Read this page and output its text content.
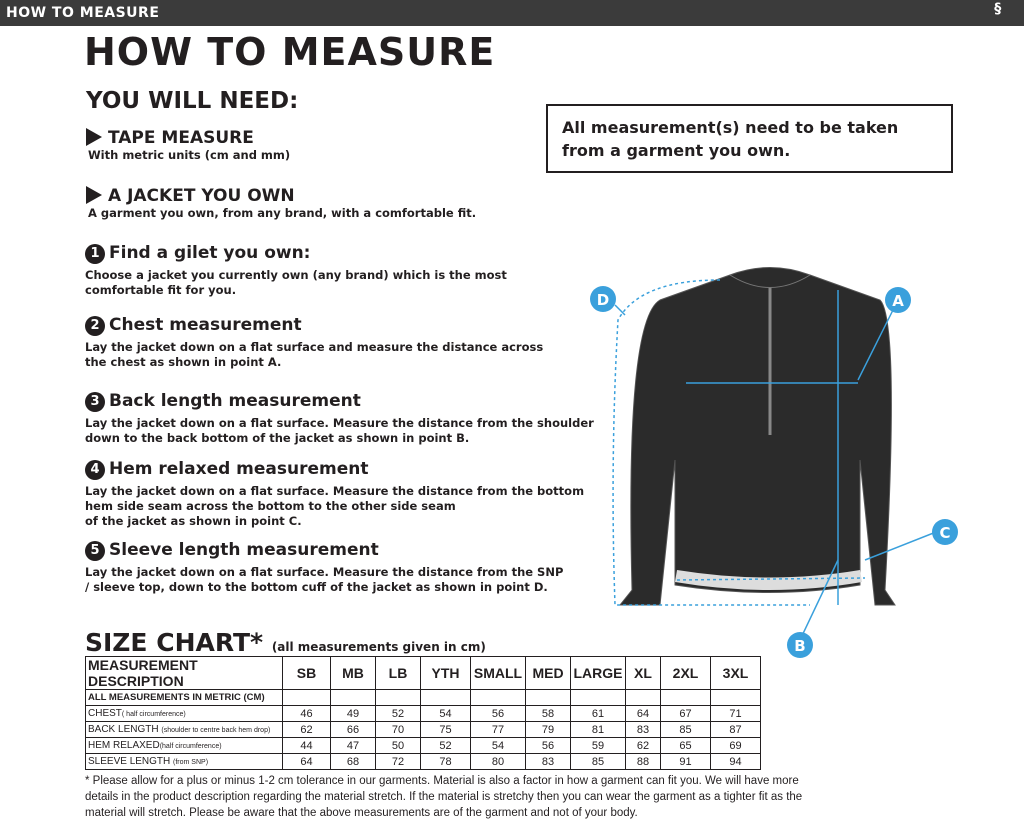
HOW TO MEASURE	§
SURRIDGE
HOW TO MEASURE
YOU WILL NEED:
TAPE MEASURE
With metric units (cm and mm)
A JACKET YOU OWN
A garment you own, from any brand, with a comfortable fit.
All measurement(s) need to be taken from a garment you own.
1 Find a gilet you own:
Choose a jacket you currently own (any brand) which is the most
comfortable fit for you.
2 Chest measurement
Lay the jacket down on a flat surface and measure the distance across
the chest as shown in point A.
3 Back length measurement
Lay the jacket down on a flat surface. Measure the distance from the shoulder
down to the back bottom of the jacket as shown in point B.
4 Hem relaxed measurement
Lay the jacket down on a flat surface. Measure the distance from the bottom
hem side seam across the bottom to the other side seam
of the jacket as shown in point C.
5 Sleeve length measurement
Lay the jacket down on a flat surface. Measure the distance from the SNP
/ sleeve top, down to the bottom cuff of the jacket as shown in point D.
A
B
C
D
SIZE CHART* (all measurements given in cm)
MEASUREMENT DESCRIPTION	SB	MB	LB	YTH	SMALL	MED	LARGE	XL	2XL	3XL
ALL MEASUREMENTS IN METRIC (CM)										
CHEST( half circumference)	46	49	52	54	56	58	61	64	67	71
BACK LENGTH (shoulder to centre back hem drop)	62	66	70	75	77	79	81	83	85	87
HEM RELAXED(half circumference)	44	47	50	52	54	56	59	62	65	69
SLEEVE LENGTH (from SNP)	64	68	72	78	80	83	85	88	91	94
* Please allow for a plus or minus 1-2 cm tolerance in our garments. Material is also a factor in how a garment can fit you. We will have more details in the product description regarding the material stretch. If the material is stretchy then you can wear the garment as a tighter fit as the material will stretch. Please be aware that the above measurements are of the garment and not of your body.
